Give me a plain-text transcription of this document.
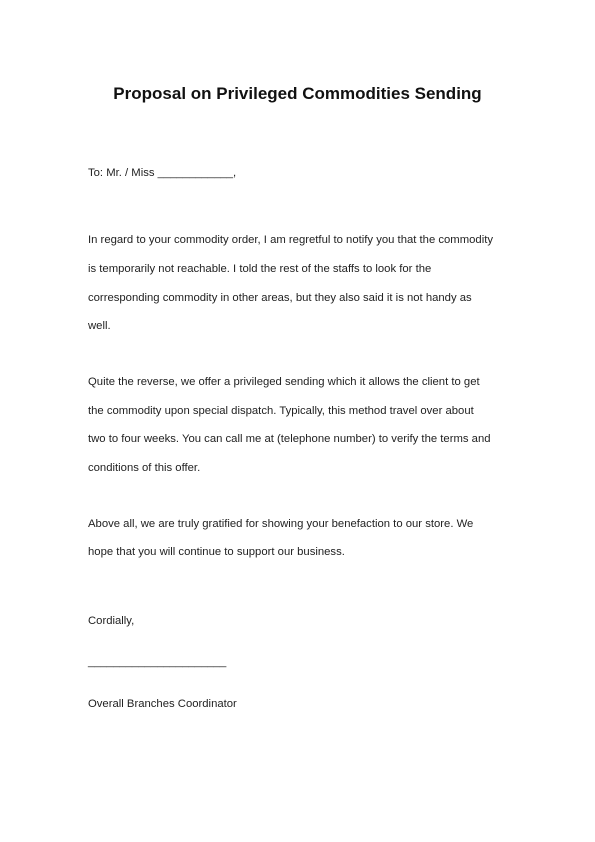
Proposal on Privileged Commodities Sending
To: Mr. / Miss ____________,
In regard to your commodity order, I am regretful to notify you that the commodity
is temporarily not reachable. I told the rest of the staffs to look for the
corresponding commodity in other areas, but they also said it is not handy as
well.
Quite the reverse, we offer a privileged sending which it allows the client to get
the commodity upon special dispatch. Typically, this method travel over about
two to four weeks. You can call me at (telephone number) to verify the terms and
conditions of this offer.
Above all, we are truly gratified for showing your benefaction to our store. We
hope that you will continue to support our business.
Cordially,
______________________
Overall Branches Coordinator
